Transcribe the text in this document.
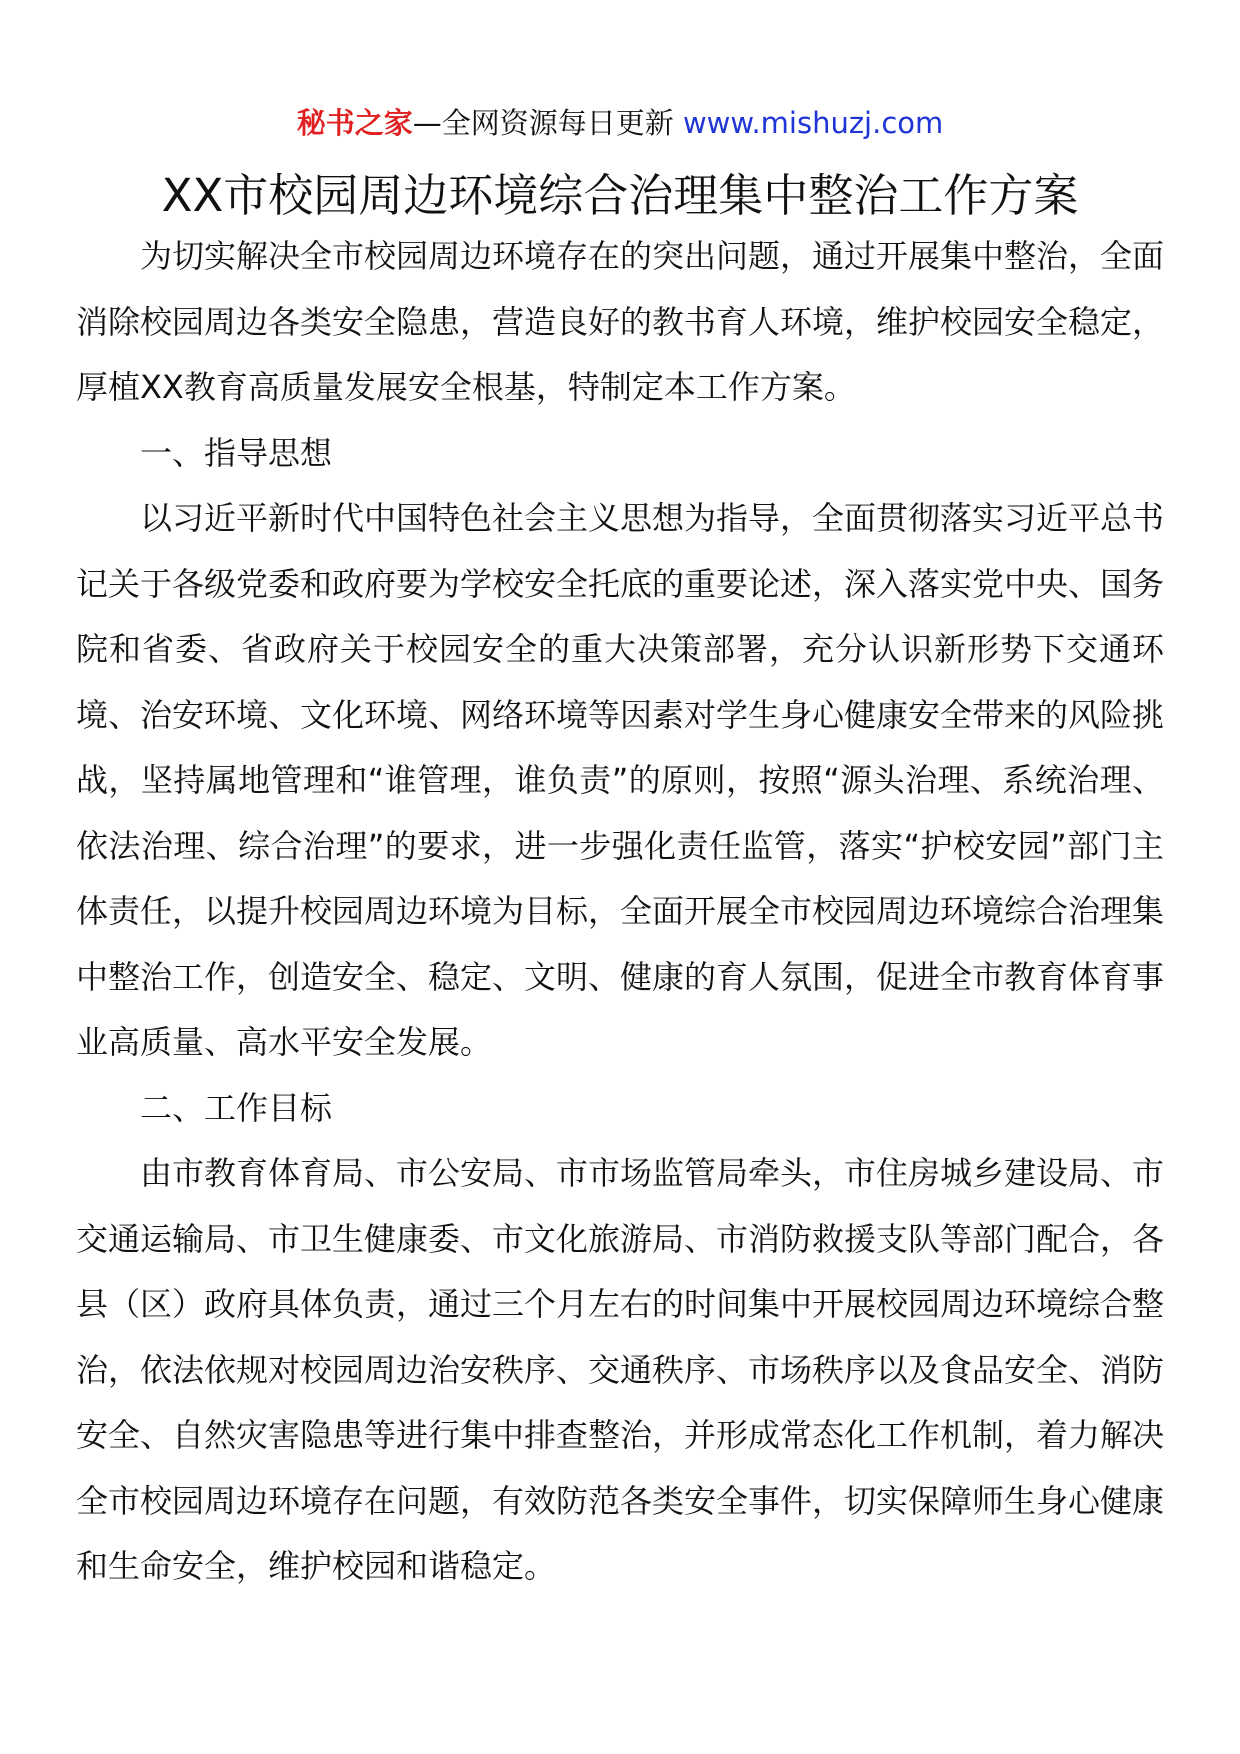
秘书之家—全网资源每日更新 www.mishuzj.com
XX市校园周边环境综合治理集中整治工作方案

为切实解决全市校园周边环境存在的突出问题，通过开展集中整治，全面消除校园周边各类安全隐患，营造良好的教书育人环境，维护校园安全稳定，厚植XX教育高质量发展安全根基，特制定本工作方案。

一、指导思想

以习近平新时代中国特色社会主义思想为指导，全面贯彻落实习近平总书记关于各级党委和政府要为学校安全托底的重要论述，深入落实党中央、国务院和省委、省政府关于校园安全的重大决策部署，充分认识新形势下交通环境、治安环境、文化环境、网络环境等因素对学生身心健康安全带来的风险挑战，坚持属地管理和“谁管理，谁负责”的原则，按照“源头治理、系统治理、依法治理、综合治理”的要求，进一步强化责任监管，落实“护校安园”部门主体责任，以提升校园周边环境为目标，全面开展全市校园周边环境综合治理集中整治工作，创造安全、稳定、文明、健康的育人氛围，促进全市教育体育事业高质量、高水平安全发展。

二、工作目标

由市教育体育局、市公安局、市市场监管局牵头，市住房城乡建设局、市交通运输局、市卫生健康委、市文化旅游局、市消防救援支队等部门配合，各县（区）政府具体负责，通过三个月左右的时间集中开展校园周边环境综合整治，依法依规对校园周边治安秩序、交通秩序、市场秩序以及食品安全、消防安全、自然灾害隐患等进行集中排查整治，并形成常态化工作机制，着力解决全市校园周边环境存在问题，有效防范各类安全事件，切实保障师生身心健康和生命安全，维护校园和谐稳定。
